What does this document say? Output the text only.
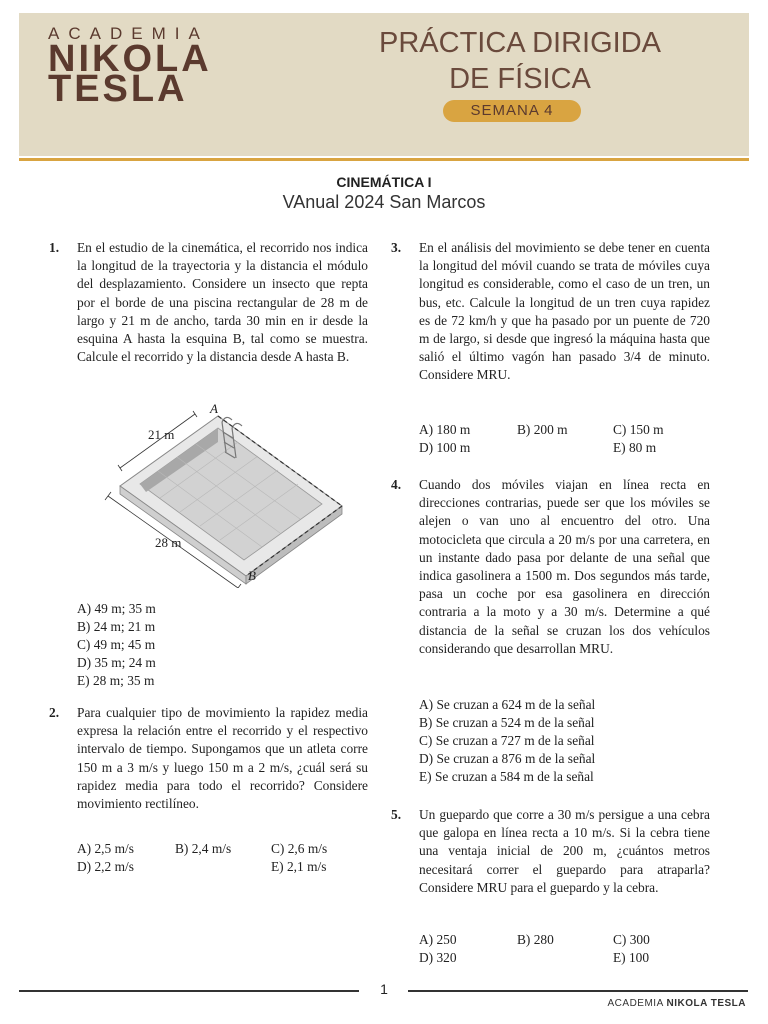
ACADEMIA
NIKOLA
TESLA
PRÁCTICA DIRIGIDA
DE FÍSICA
SEMANA 4
CINEMÁTICA I
VAnual 2024 San Marcos
1. En el estudio de la cinemática, el recorrido nos indica la longitud de la trayectoria y la distancia el módulo del desplazamiento. Considere un insecto que repta por el borde de una piscina rectangular de 28 m de largo y 21 m de ancho, tarda 30 min en ir desde la esquina A hasta la esquina B, tal como se muestra. Calcule el recorrido y la distancia desde A hasta B.
21 m
28 m
A
B
A) 49 m; 35 m
B) 24 m; 21 m
C) 49 m; 45 m
D) 35 m; 24 m
E) 28 m; 35 m
2. Para cualquier tipo de movimiento la rapidez media expresa la relación entre el recorrido y el respectivo intervalo de tiempo. Supongamos que un atleta corre 150 m a 3 m/s y luego 150 m a 2 m/s, ¿cuál será su rapidez media para todo el recorrido? Considere movimiento rectilíneo.
A) 2,5 m/s	B) 2,4 m/s	C) 2,6 m/s
D) 2,2 m/s	E) 2,1 m/s
3. En el análisis del movimiento se debe tener en cuenta la longitud del móvil cuando se trata de móviles cuya longitud es considerable, como el caso de un tren, un bus, etc. Calcule la longitud de un tren cuya rapidez es de 72 km/h y que ha pasado por un puente de 720 m de largo, si desde que ingresó la máquina hasta que salió el último vagón han pasado 3/4 de minuto. Considere MRU.
A) 180 m	B) 200 m	C) 150 m
D) 100 m	E) 80 m
4. Cuando dos móviles viajan en línea recta en direcciones contrarias, puede ser que los móviles se alejen o van uno al encuentro del otro. Una motocicleta que circula a 20 m/s por una carretera, en un instante dado pasa por delante de una señal que indica gasolinera a 1500 m. Dos segundos más tarde, pasa un coche por esa gasolinera en dirección contraria a la moto y a 30 m/s. Determine a qué distancia de la señal se cruzan los dos vehículos considerando que desarrollan MRU.
A) Se cruzan a 624 m de la señal
B) Se cruzan a 524 m de la señal
C) Se cruzan a 727 m de la señal
D) Se cruzan a 876 m de la señal
E) Se cruzan a 584 m de la señal
5. Un guepardo que corre a 30 m/s persigue a una cebra que galopa en línea recta a 10 m/s. Si la cebra tiene una ventaja inicial de 200 m, ¿cuántos metros necesitará correr el guepardo para atraparla? Considere MRU para el guepardo y la cebra.
A) 250	B) 280	C) 300
D) 320	E) 100
1
ACADEMIA NIKOLA TESLA
